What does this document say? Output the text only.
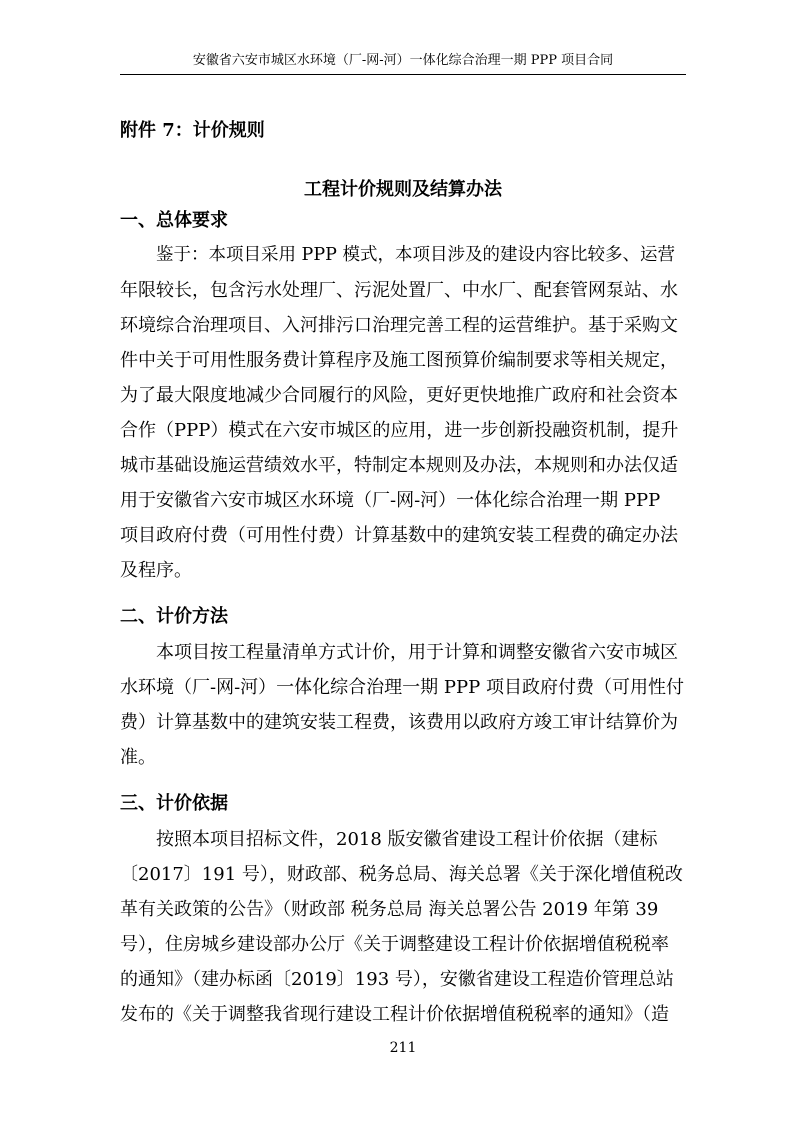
安徽省六安市城区水环境（厂-网-河）一体化综合治理一期 PPP 项目合同
附件 7：计价规则
工程计价规则及结算办法
一、总体要求
鉴于：本项目采用 PPP 模式，本项目涉及的建设内容比较多、运营
年限较长，包含污水处理厂、污泥处置厂、中水厂、配套管网泵站、水
环境综合治理项目、入河排污口治理完善工程的运营维护。基于采购文
件中关于可用性服务费计算程序及施工图预算价编制要求等相关规定，
为了最大限度地减少合同履行的风险，更好更快地推广政府和社会资本
合作（PPP）模式在六安市城区的应用，进一步创新投融资机制，提升
城市基础设施运营绩效水平，特制定本规则及办法，本规则和办法仅适
用于安徽省六安市城区水环境（厂-网-河）一体化综合治理一期 PPP
项目政府付费（可用性付费）计算基数中的建筑安装工程费的确定办法
及程序。
二、计价方法
本项目按工程量清单方式计价，用于计算和调整安徽省六安市城区
水环境（厂-网-河）一体化综合治理一期 PPP 项目政府付费（可用性付
费）计算基数中的建筑安装工程费，该费用以政府方竣工审计结算价为
准。
三、计价依据
按照本项目招标文件，2018 版安徽省建设工程计价依据（建标
〔2017〕191 号），财政部、税务总局、海关总署《关于深化增值税改
革有关政策的公告》（财政部 税务总局 海关总署公告 2019 年第 39
号），住房城乡建设部办公厅《关于调整建设工程计价依据增值税税率
的通知》（建办标函〔2019〕193 号），安徽省建设工程造价管理总站
发布的《关于调整我省现行建设工程计价依据增值税税率的通知》（造
211
